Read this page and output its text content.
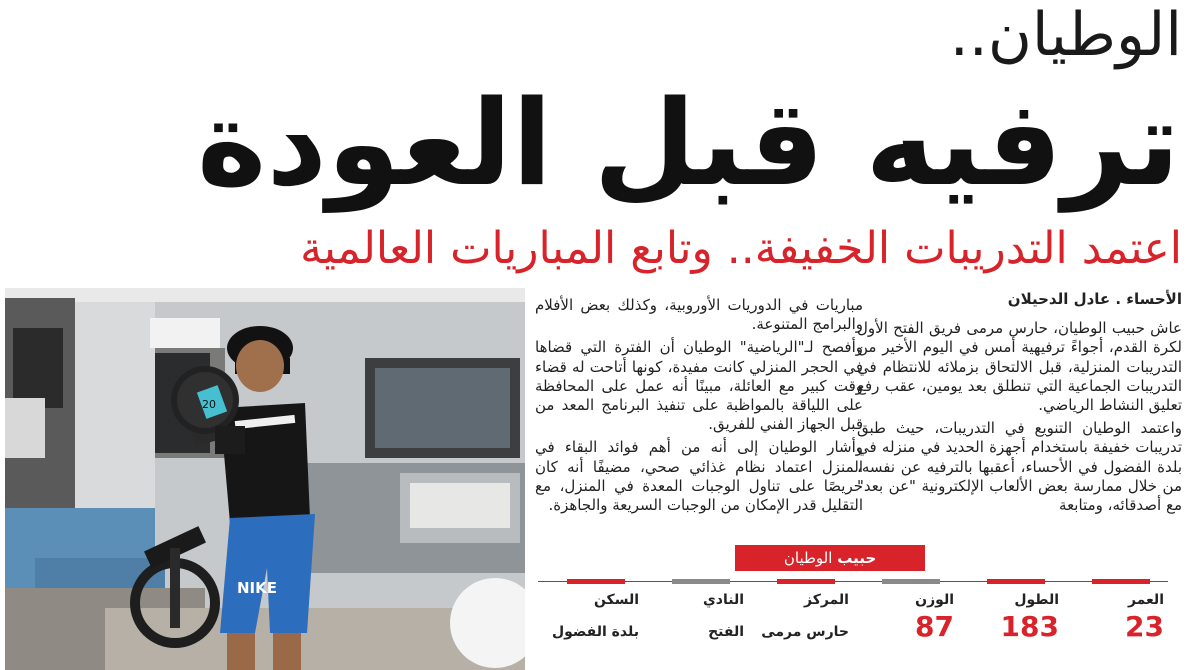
الوطيان..
ترفيه قبل العودة
اعتمد التدريبات الخفيفة.. وتابع المباريات العالمية
20
NIKE
الأحساء . عادل الدحيلان

عاش حبيب الوطيان، حارس مرمى فريق الفتح الأول لكرة القدم، أجواءً ترفيهية أمس في اليوم الأخير من التدريبات المنزلية، قبل الالتحاق بزملائه للانتظام في التدريبات الجماعية التي تنطلق بعد يومين، عقب رفع تعليق النشاط الرياضي.

واعتمد الوطيان التنويع في التدريبات، حيث طبق تدريبات خفيفة باستخدام أجهزة الحديد في منزله في بلدة الفضول في الأحساء، أعقبها بالترفيه عن نفسه، من خلال ممارسة بعض الألعاب الإلكترونية "عن بعد" مع أصدقائه، ومتابعة

مباريات في الدوريات الأوروبية، وكذلك بعض الأفلام والبرامج المتنوعة.

وأفصح لـ"الرياضية" الوطيان أن الفترة التي قضاها في الحجر المنزلي كانت مفيدة، كونها أتاحت له قضاء وقت كبير مع العائلة، مبينًا أنه عمل على المحافظة على اللياقة بالمواظبة على تنفيذ البرنامج المعد من قبل الجهاز الفني للفريق.

وأشار الوطيان إلى أنه من أهم فوائد البقاء في المنزل اعتماد نظام غذائي صحي، مضيفًا أنه كان حريصًا على تناول الوجبات المعدة في المنزل، مع التقليل قدر الإمكان من الوجبات السريعة والجاهزة.

حبيب الوطيان
العمر
23
الطول
183
الوزن
87
المركز
حارس مرمى
النادي
الفتح
السكن
بلدة الفضول
